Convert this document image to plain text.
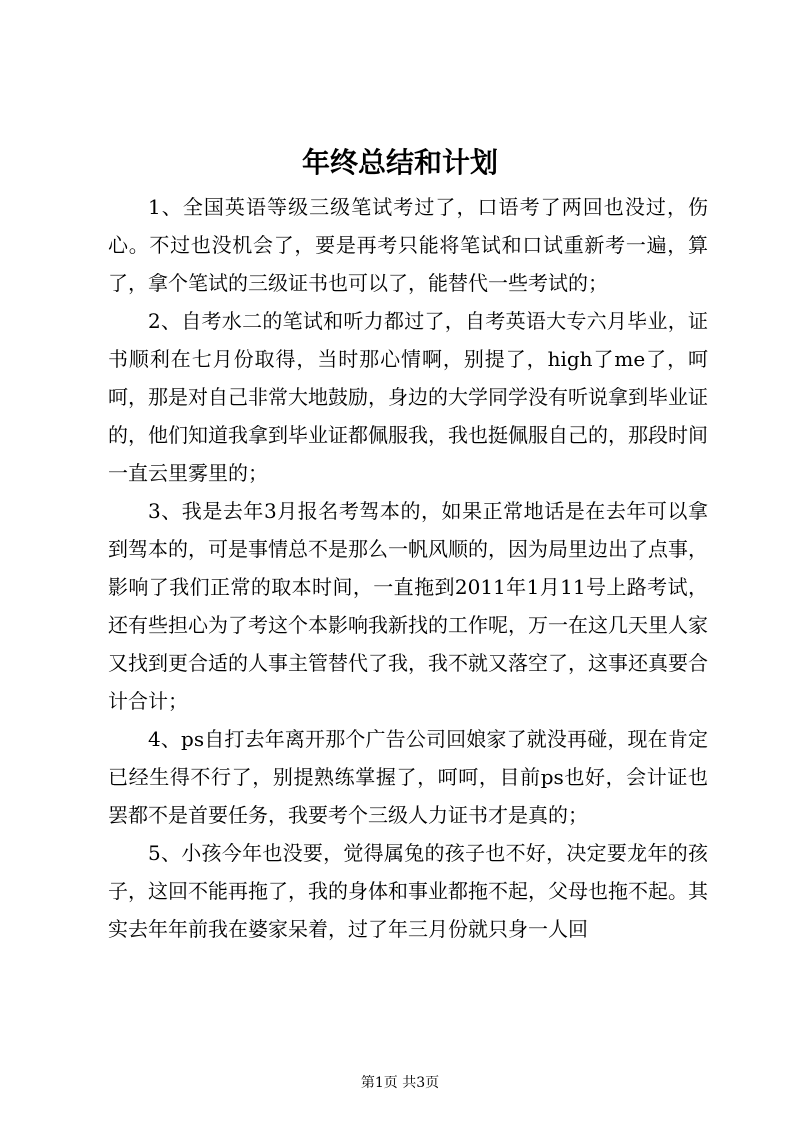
年终总结和计划

1、全国英语等级三级笔试考过了，口语考了两回也没过，伤心。不过也没机会了，要是再考只能将笔试和口试重新考一遍，算了，拿个笔试的三级证书也可以了，能替代一些考试的；

2、自考水二的笔试和听力都过了，自考英语大专六月毕业，证书顺利在七月份取得，当时那心情啊，别提了，high了me了，呵呵，那是对自己非常大地鼓励，身边的大学同学没有听说拿到毕业证的，他们知道我拿到毕业证都佩服我，我也挺佩服自己的，那段时间一直云里雾里的；

3、我是去年3月报名考驾本的，如果正常地话是在去年可以拿到驾本的，可是事情总不是那么一帆风顺的，因为局里边出了点事，影响了我们正常的取本时间，一直拖到2011年1月11号上路考试，还有些担心为了考这个本影响我新找的工作呢，万一在这几天里人家又找到更合适的人事主管替代了我，我不就又落空了，这事还真要合计合计；

4、ps自打去年离开那个广告公司回娘家了就没再碰，现在肯定已经生得不行了，别提熟练掌握了，呵呵，目前ps也好，会计证也罢都不是首要任务，我要考个三级人力证书才是真的；

5、小孩今年也没要，觉得属兔的孩子也不好，决定要龙年的孩子，这回不能再拖了，我的身体和事业都拖不起，父母也拖不起。其实去年年前我在婆家呆着，过了年三月份就只身一人回

第1页 共3页
